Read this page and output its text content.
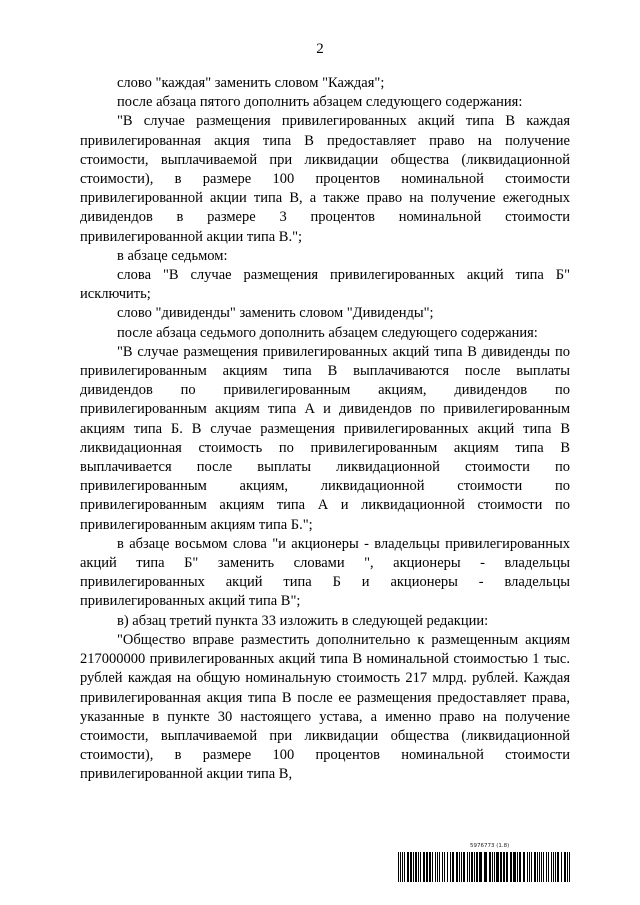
2

слово "каждая" заменить словом "Каждая";

после абзаца пятого дополнить абзацем следующего содержания:

"В случае размещения привилегированных акций типа В каждая привилегированная акция типа В предоставляет право на получение стоимости, выплачиваемой при ликвидации общества (ликвидационной стоимости), в размере 100 процентов номинальной стоимости привилегированной акции типа В, а также право на получение ежегодных дивидендов в размере 3 процентов номинальной стоимости привилегированной акции типа В.";

в абзаце седьмом:

слова "В случае размещения привилегированных акций типа Б" исключить;

слово "дивиденды" заменить словом "Дивиденды";

после абзаца седьмого дополнить абзацем следующего содержания:

"В случае размещения привилегированных акций типа В дивиденды по привилегированным акциям типа В выплачиваются после выплаты дивидендов по привилегированным акциям, дивидендов по привилегированным акциям типа А и дивидендов по привилегированным акциям типа Б. В случае размещения привилегированных акций типа В ликвидационная стоимость по привилегированным акциям типа В выплачивается после выплаты ликвидационной стоимости по привилегированным акциям, ликвидационной стоимости по привилегированным акциям типа А и ликвидационной стоимости по привилегированным акциям типа Б.";

в абзаце восьмом слова "и акционеры - владельцы привилегированных акций типа Б" заменить словами ", акционеры - владельцы привилегированных акций типа Б и акционеры - владельцы привилегированных акций типа В";

в) абзац третий пункта 33 изложить в следующей редакции:

"Общество вправе разместить дополнительно к размещенным акциям 217000000 привилегированных акций типа В номинальной стоимостью 1 тыс. рублей каждая на общую номинальную стоимость 217 млрд. рублей. Каждая привилегированная акция типа В после ее размещения предоставляет права, указанные в пункте 30 настоящего устава, а именно право на получение стоимости, выплачиваемой при ликвидации общества (ликвидационной стоимости), в размере 100 процентов номинальной стоимости привилегированной акции типа В,

5976773 (1.8)
